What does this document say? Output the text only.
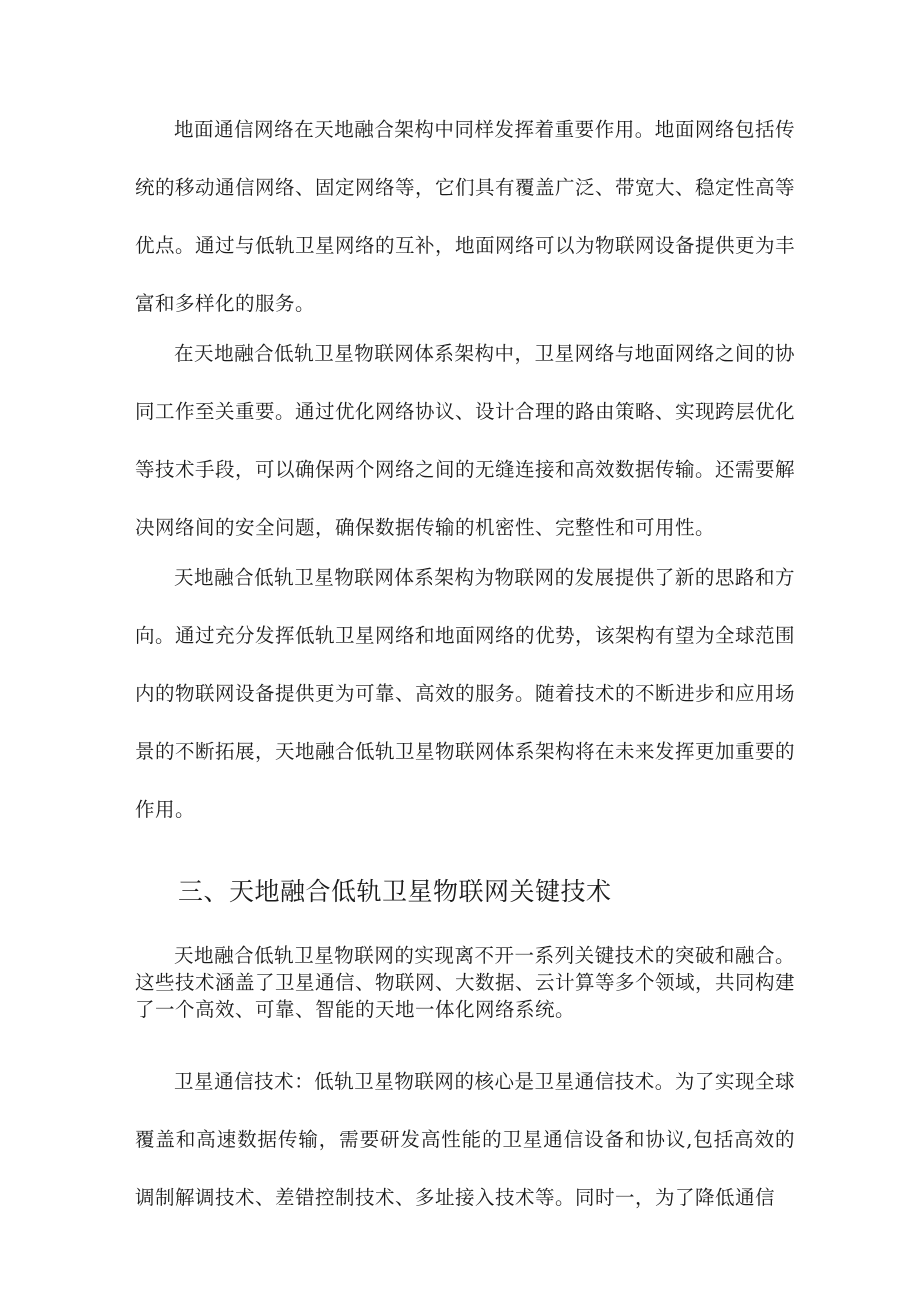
地面通信网络在天地融合架构中同样发挥着重要作用。地面网络包括传统的移动通信网络、固定网络等，它们具有覆盖广泛、带宽大、稳定性高等优点。通过与低轨卫星网络的互补，地面网络可以为物联网设备提供更为丰富和多样化的服务。

在天地融合低轨卫星物联网体系架构中，卫星网络与地面网络之间的协同工作至关重要。通过优化网络协议、设计合理的路由策略、实现跨层优化等技术手段，可以确保两个网络之间的无缝连接和高效数据传输。还需要解决网络间的安全问题，确保数据传输的机密性、完整性和可用性。

天地融合低轨卫星物联网体系架构为物联网的发展提供了新的思路和方向。通过充分发挥低轨卫星网络和地面网络的优势，该架构有望为全球范围内的物联网设备提供更为可靠、高效的服务。随着技术的不断进步和应用场景的不断拓展，天地融合低轨卫星物联网体系架构将在未来发挥更加重要的作用。

三、天地融合低轨卫星物联网关键技术

天地融合低轨卫星物联网的实现离不开一系列关键技术的突破和融合。这些技术涵盖了卫星通信、物联网、大数据、云计算等多个领域，共同构建了一个高效、可靠、智能的天地一体化网络系统。

卫星通信技术：低轨卫星物联网的核心是卫星通信技术。为了实现全球覆盖和高速数据传输，需要研发高性能的卫星通信设备和协议,包括高效的调制解调技术、差错控制技术、多址接入技术等。同时一，为了降低通信
